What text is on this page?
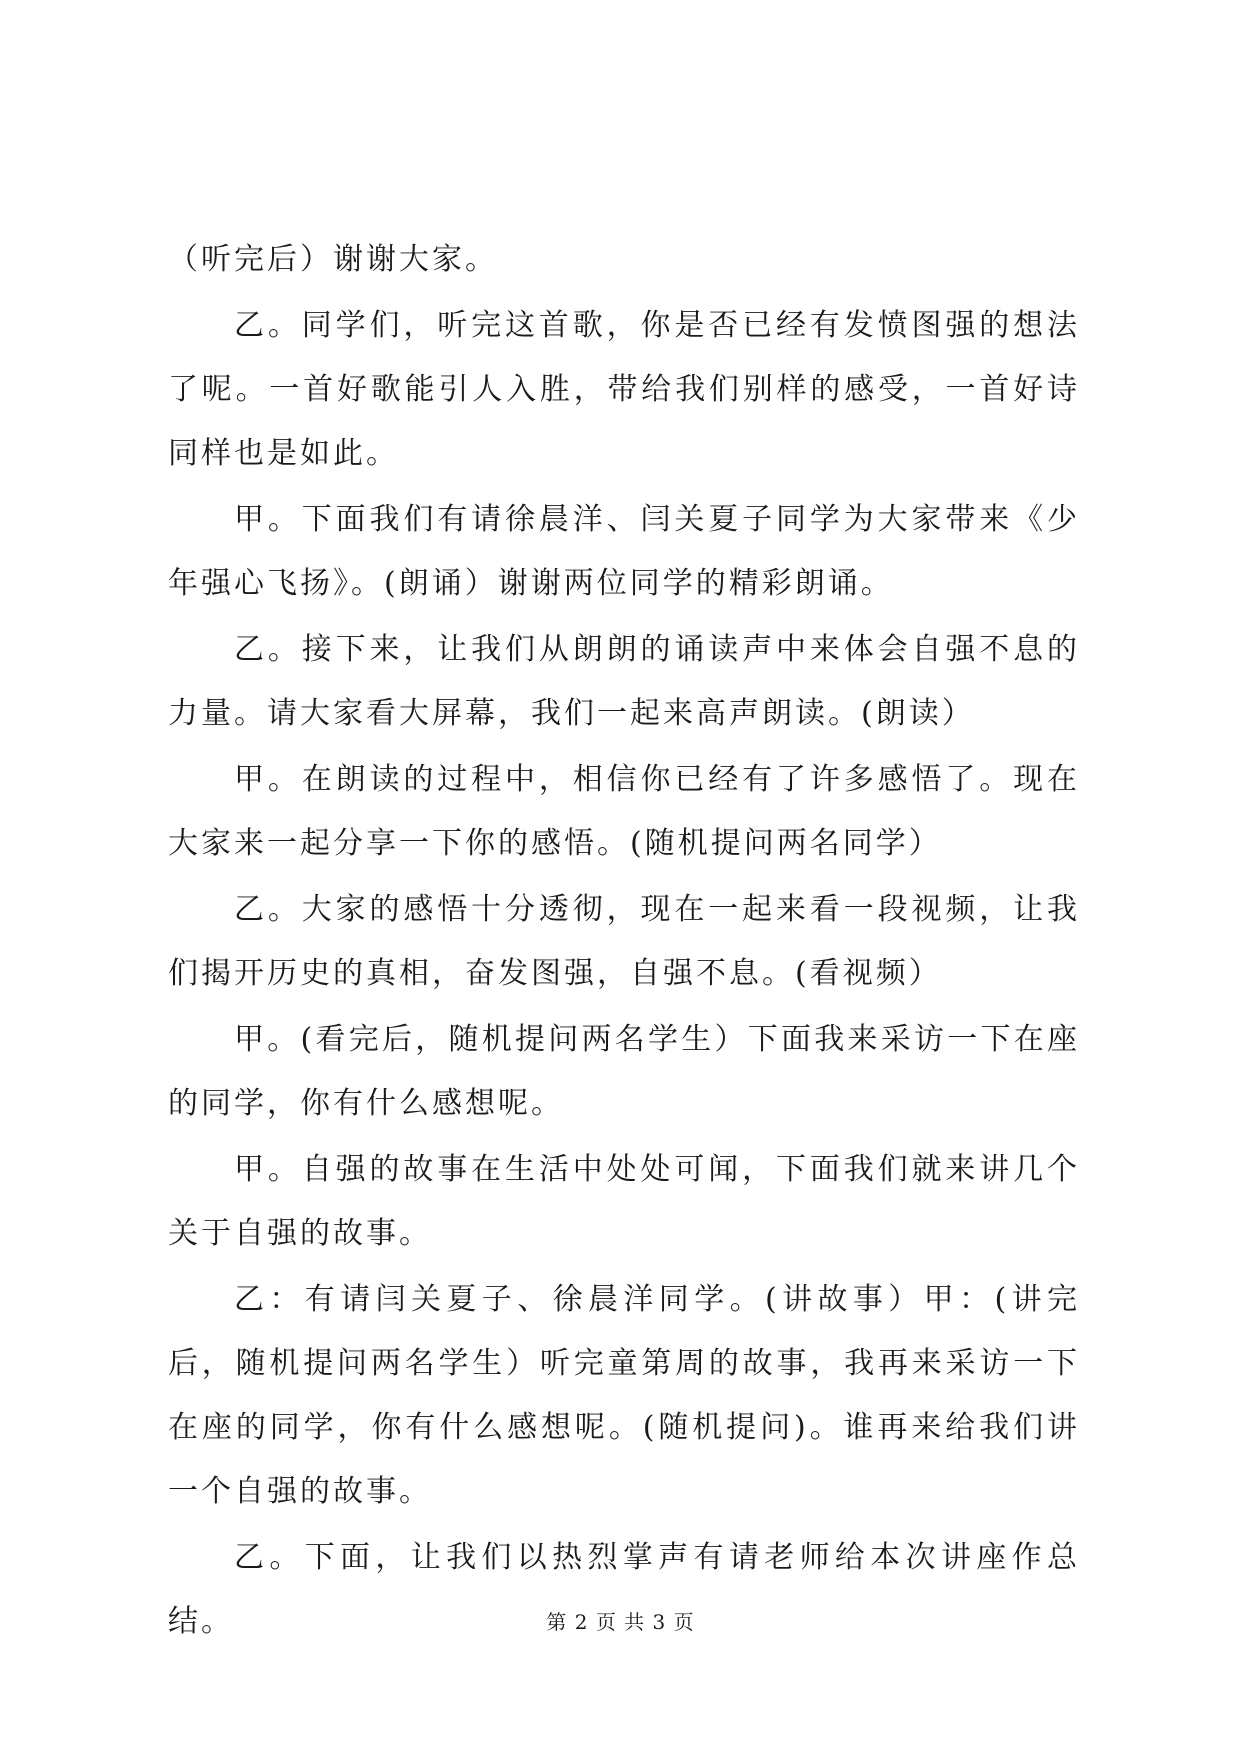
（听完后）谢谢大家。

乙。同学们，听完这首歌，你是否已经有发愤图强的想法了呢。一首好歌能引人入胜，带给我们别样的感受，一首好诗同样也是如此。

甲。下面我们有请徐晨洋、闫关夏子同学为大家带来《少年强心飞扬》。(朗诵）谢谢两位同学的精彩朗诵。

乙。接下来，让我们从朗朗的诵读声中来体会自强不息的力量。请大家看大屏幕，我们一起来高声朗读。(朗读）

甲。在朗读的过程中，相信你已经有了许多感悟了。现在大家来一起分享一下你的感悟。(随机提问两名同学）

乙。大家的感悟十分透彻，现在一起来看一段视频，让我们揭开历史的真相，奋发图强，自强不息。(看视频）

甲。(看完后，随机提问两名学生）下面我来采访一下在座的同学，你有什么感想呢。

甲。自强的故事在生活中处处可闻，下面我们就来讲几个关于自强的故事。

乙：有请闫关夏子、徐晨洋同学。(讲故事）甲：(讲完后，随机提问两名学生）听完童第周的故事，我再来采访一下在座的同学，你有什么感想呢。(随机提问)。谁再来给我们讲一个自强的故事。

乙。下面，让我们以热烈掌声有请老师给本次讲座作总结。	第 2 页 共 3 页
